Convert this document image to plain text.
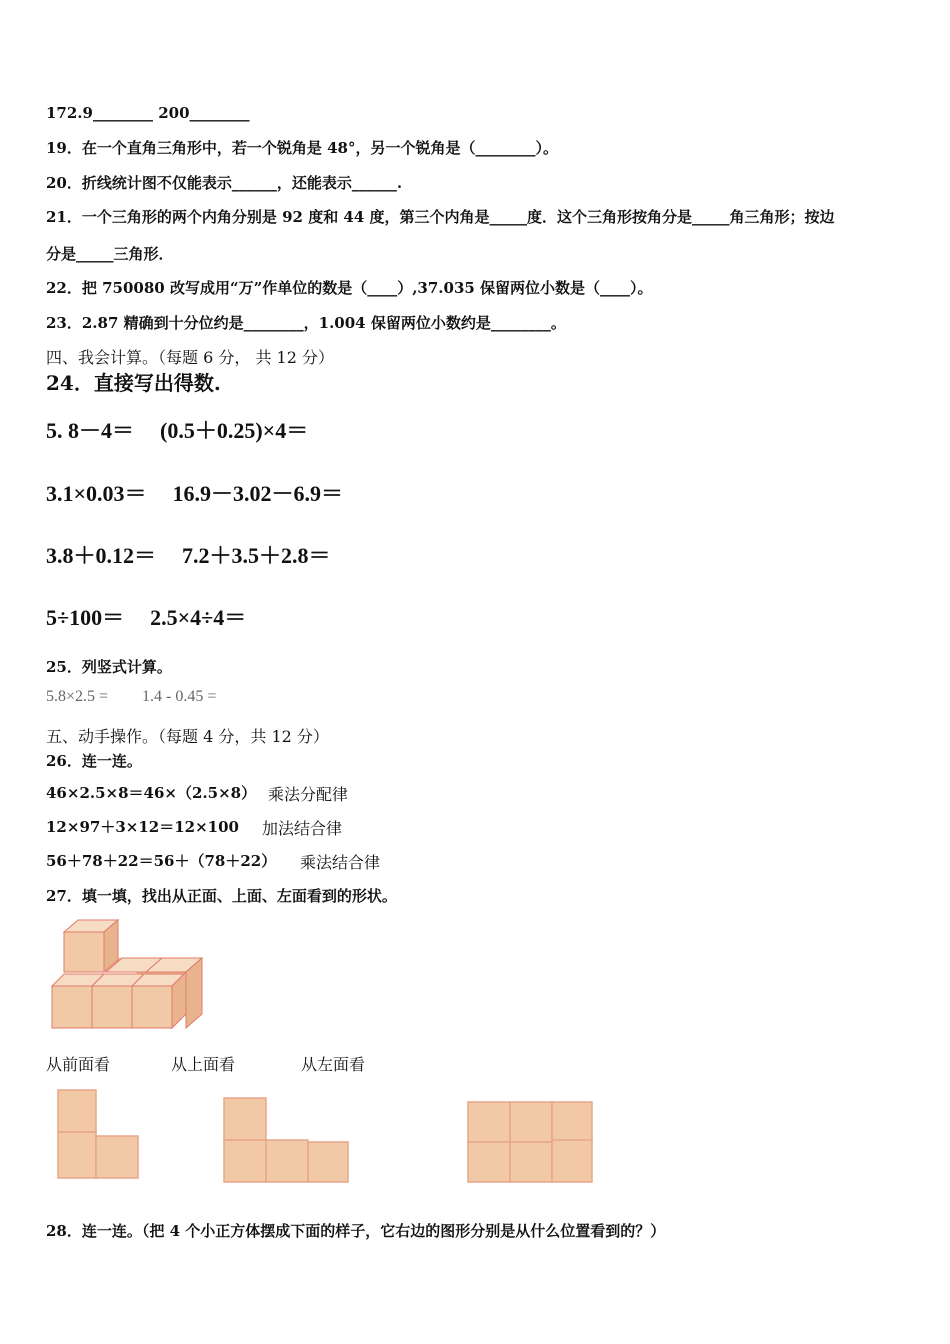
172.9________ 200________
19．在一个直角三角形中，若一个锐角是 48°，另一个锐角是（________）。
20．折线统计图不仅能表示______，还能表示______.
21．一个三角形的两个内角分别是 92 度和 44 度，第三个内角是_____度．这个三角形按角分是_____角三角形；按边
分是_____三角形．
22．把 750080 改写成用“万”作单位的数是（____）,37.035 保留两位小数是（____）。
23．2.87 精确到十分位约是________，1.004 保留两位小数约是________。
四、我会计算。（每题 6 分， 共 12 分）
24．直接写出得数.
5. 8－4＝ (0.5＋0.25)×4＝
3.1×0.03＝ 16.9－3.02－6.9＝
3.8＋0.12＝ 7.2＋3.5＋2.8＝
5÷100＝ 2.5×4÷4＝
25．列竖式计算。
5.8×2.5 = 1.4 - 0.45 =
五、动手操作。（每题 4 分，共 12 分）
26．连一连。
46×2.5×8＝46×（2.5×8） 乘法分配律
12×97＋3×12＝12×100 加法结合律
56＋78＋22＝56＋（78＋22） 乘法结合律
27．填一填，找出从正面、上面、左面看到的形状。
从前面看	从上面看	从左面看
28．连一连。（把 4 个小正方体摆成下面的样子，它右边的图形分别是从什么位置看到的？）
